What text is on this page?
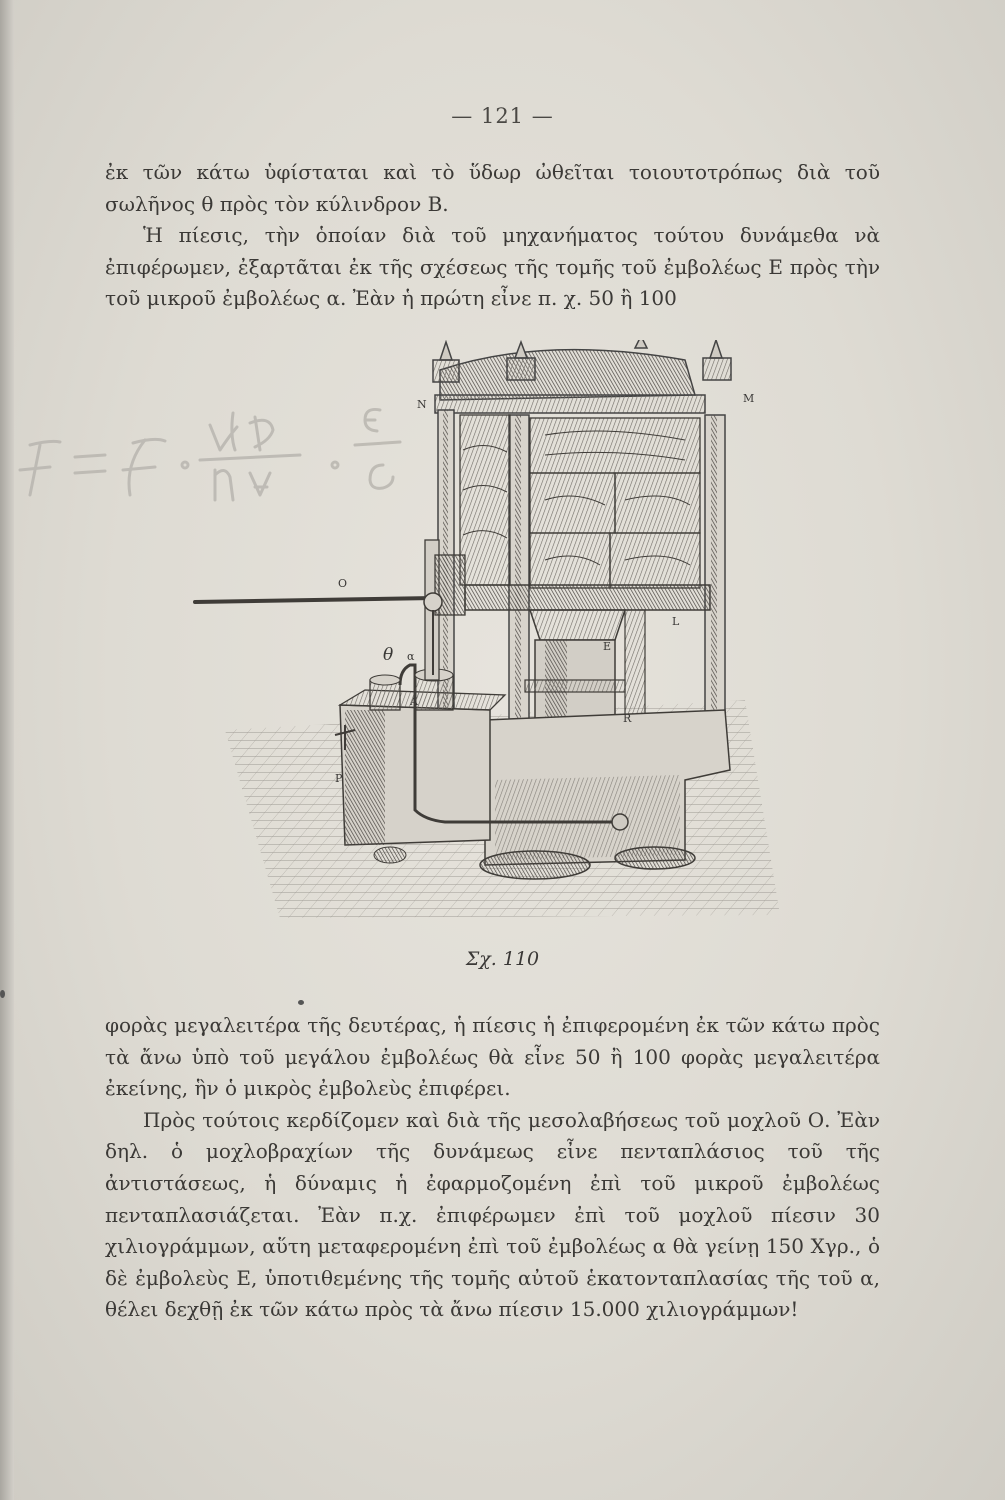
— 121 —

ἐκ τῶν κάτω ὑφίσταται καὶ τὸ ὕδωρ ὠθεῖται τοιουτοτρόπως διὰ τοῦ σωλῆνος θ πρὸς τὸν κύλινδρον Β.

Ἡ πίεσις, τὴν ὁποίαν διὰ τοῦ μηχανήματος τούτου δυνάμεθα νὰ ἐπιφέρωμεν, ἐξαρτᾶται ἐκ τῆς σχέσεως τῆς τομῆς τοῦ ἐμβολέως Ε πρὸς τὴν τοῦ μικροῦ ἐμβολέως α. Ἐὰν ἡ πρώτη εἶνε π. χ. 50 ἢ 100

N	M
O
L
E
θ α
A
R
P
Σχ. 110

φορὰς μεγαλειτέρα τῆς δευτέρας, ἡ πίεσις ἡ ἐπιφερομένη ἐκ τῶν κάτω πρὸς τὰ ἄνω ὑπὸ τοῦ μεγάλου ἐμβολέως θὰ εἶνε 50 ἢ 100 φορὰς μεγαλειτέρα ἐκείνης, ἣν ὁ μικρὸς ἐμβολεὺς ἐπιφέρει.

Πρὸς τούτοις κερδίζομεν καὶ διὰ τῆς μεσολαβήσεως τοῦ μοχλοῦ Ο. Ἐὰν δηλ. ὁ μοχλοβραχίων τῆς δυνάμεως εἶνε πενταπλάσιος τοῦ τῆς ἀντιστάσεως, ἡ δύναμις ἡ ἐφαρμοζομένη ἐπὶ τοῦ μικροῦ ἐμβολέως πενταπλασιάζεται. Ἐὰν π.χ. ἐπιφέρωμεν ἐπὶ τοῦ μοχλοῦ πίεσιν 30 χιλιογράμμων, αὕτη μεταφερομένη ἐπὶ τοῦ ἐμβολέως α θὰ γείνῃ 150 Χγρ., ὁ δὲ ἐμβολεὺς Ε, ὑποτιθεμένης τῆς τομῆς αὐτοῦ ἑκατονταπλασίας τῆς τοῦ α, θέλει δεχθῇ ἐκ τῶν κάτω πρὸς τὰ ἄνω πίεσιν 15.000 χιλιογράμμων!
